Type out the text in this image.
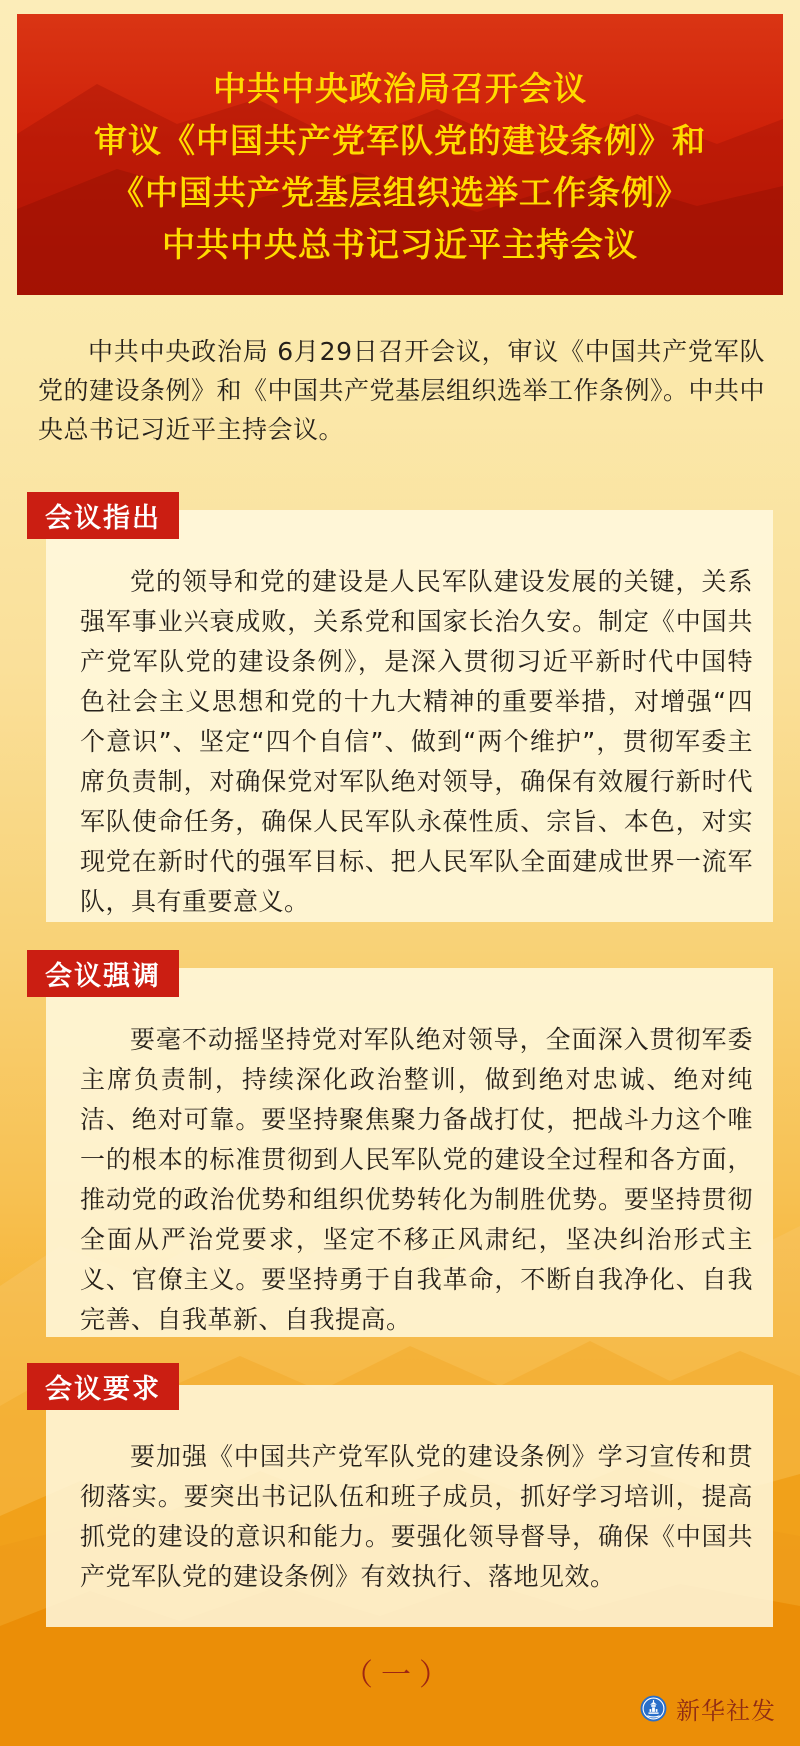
中共中央政治局召开会议
审议《中国共产党军队党的建设条例》和
《中国共产党基层组织选举工作条例》
中共中央总书记习近平主持会议

中共中央政治局 6月29日召开会议，审议《中国共产党军队党的建设条例》和《中国共产党基层组织选举工作条例》。中共中央总书记习近平主持会议。

会议指出

党的领导和党的建设是人民军队建设发展的关键，关系强军事业兴衰成败，关系党和国家长治久安。制定《中国共产党军队党的建设条例》，是深入贯彻习近平新时代中国特色社会主义思想和党的十九大精神的重要举措，对增强“四个意识”、坚定“四个自信”、做到“两个维护”，贯彻军委主席负责制，对确保党对军队绝对领导，确保有效履行新时代军队使命任务，确保人民军队永葆性质、宗旨、本色，对实现党在新时代的强军目标、把人民军队全面建成世界一流军队，具有重要意义。

会议强调

要毫不动摇坚持党对军队绝对领导，全面深入贯彻军委主席负责制，持续深化政治整训，做到绝对忠诚、绝对纯洁、绝对可靠。要坚持聚焦聚力备战打仗，把战斗力这个唯一的根本的标准贯彻到人民军队党的建设全过程和各方面，推动党的政治优势和组织优势转化为制胜优势。要坚持贯彻全面从严治党要求，坚定不移正风肃纪，坚决纠治形式主义、官僚主义。要坚持勇于自我革命，不断自我净化、自我完善、自我革新、自我提高。

会议要求

要加强《中国共产党军队党的建设条例》学习宣传和贯彻落实。要突出书记队伍和班子成员，抓好学习培训，提高抓党的建设的意识和能力。要强化领导督导，确保《中国共产党军队党的建设条例》有效执行、落地见效。

（一）
新华社发
